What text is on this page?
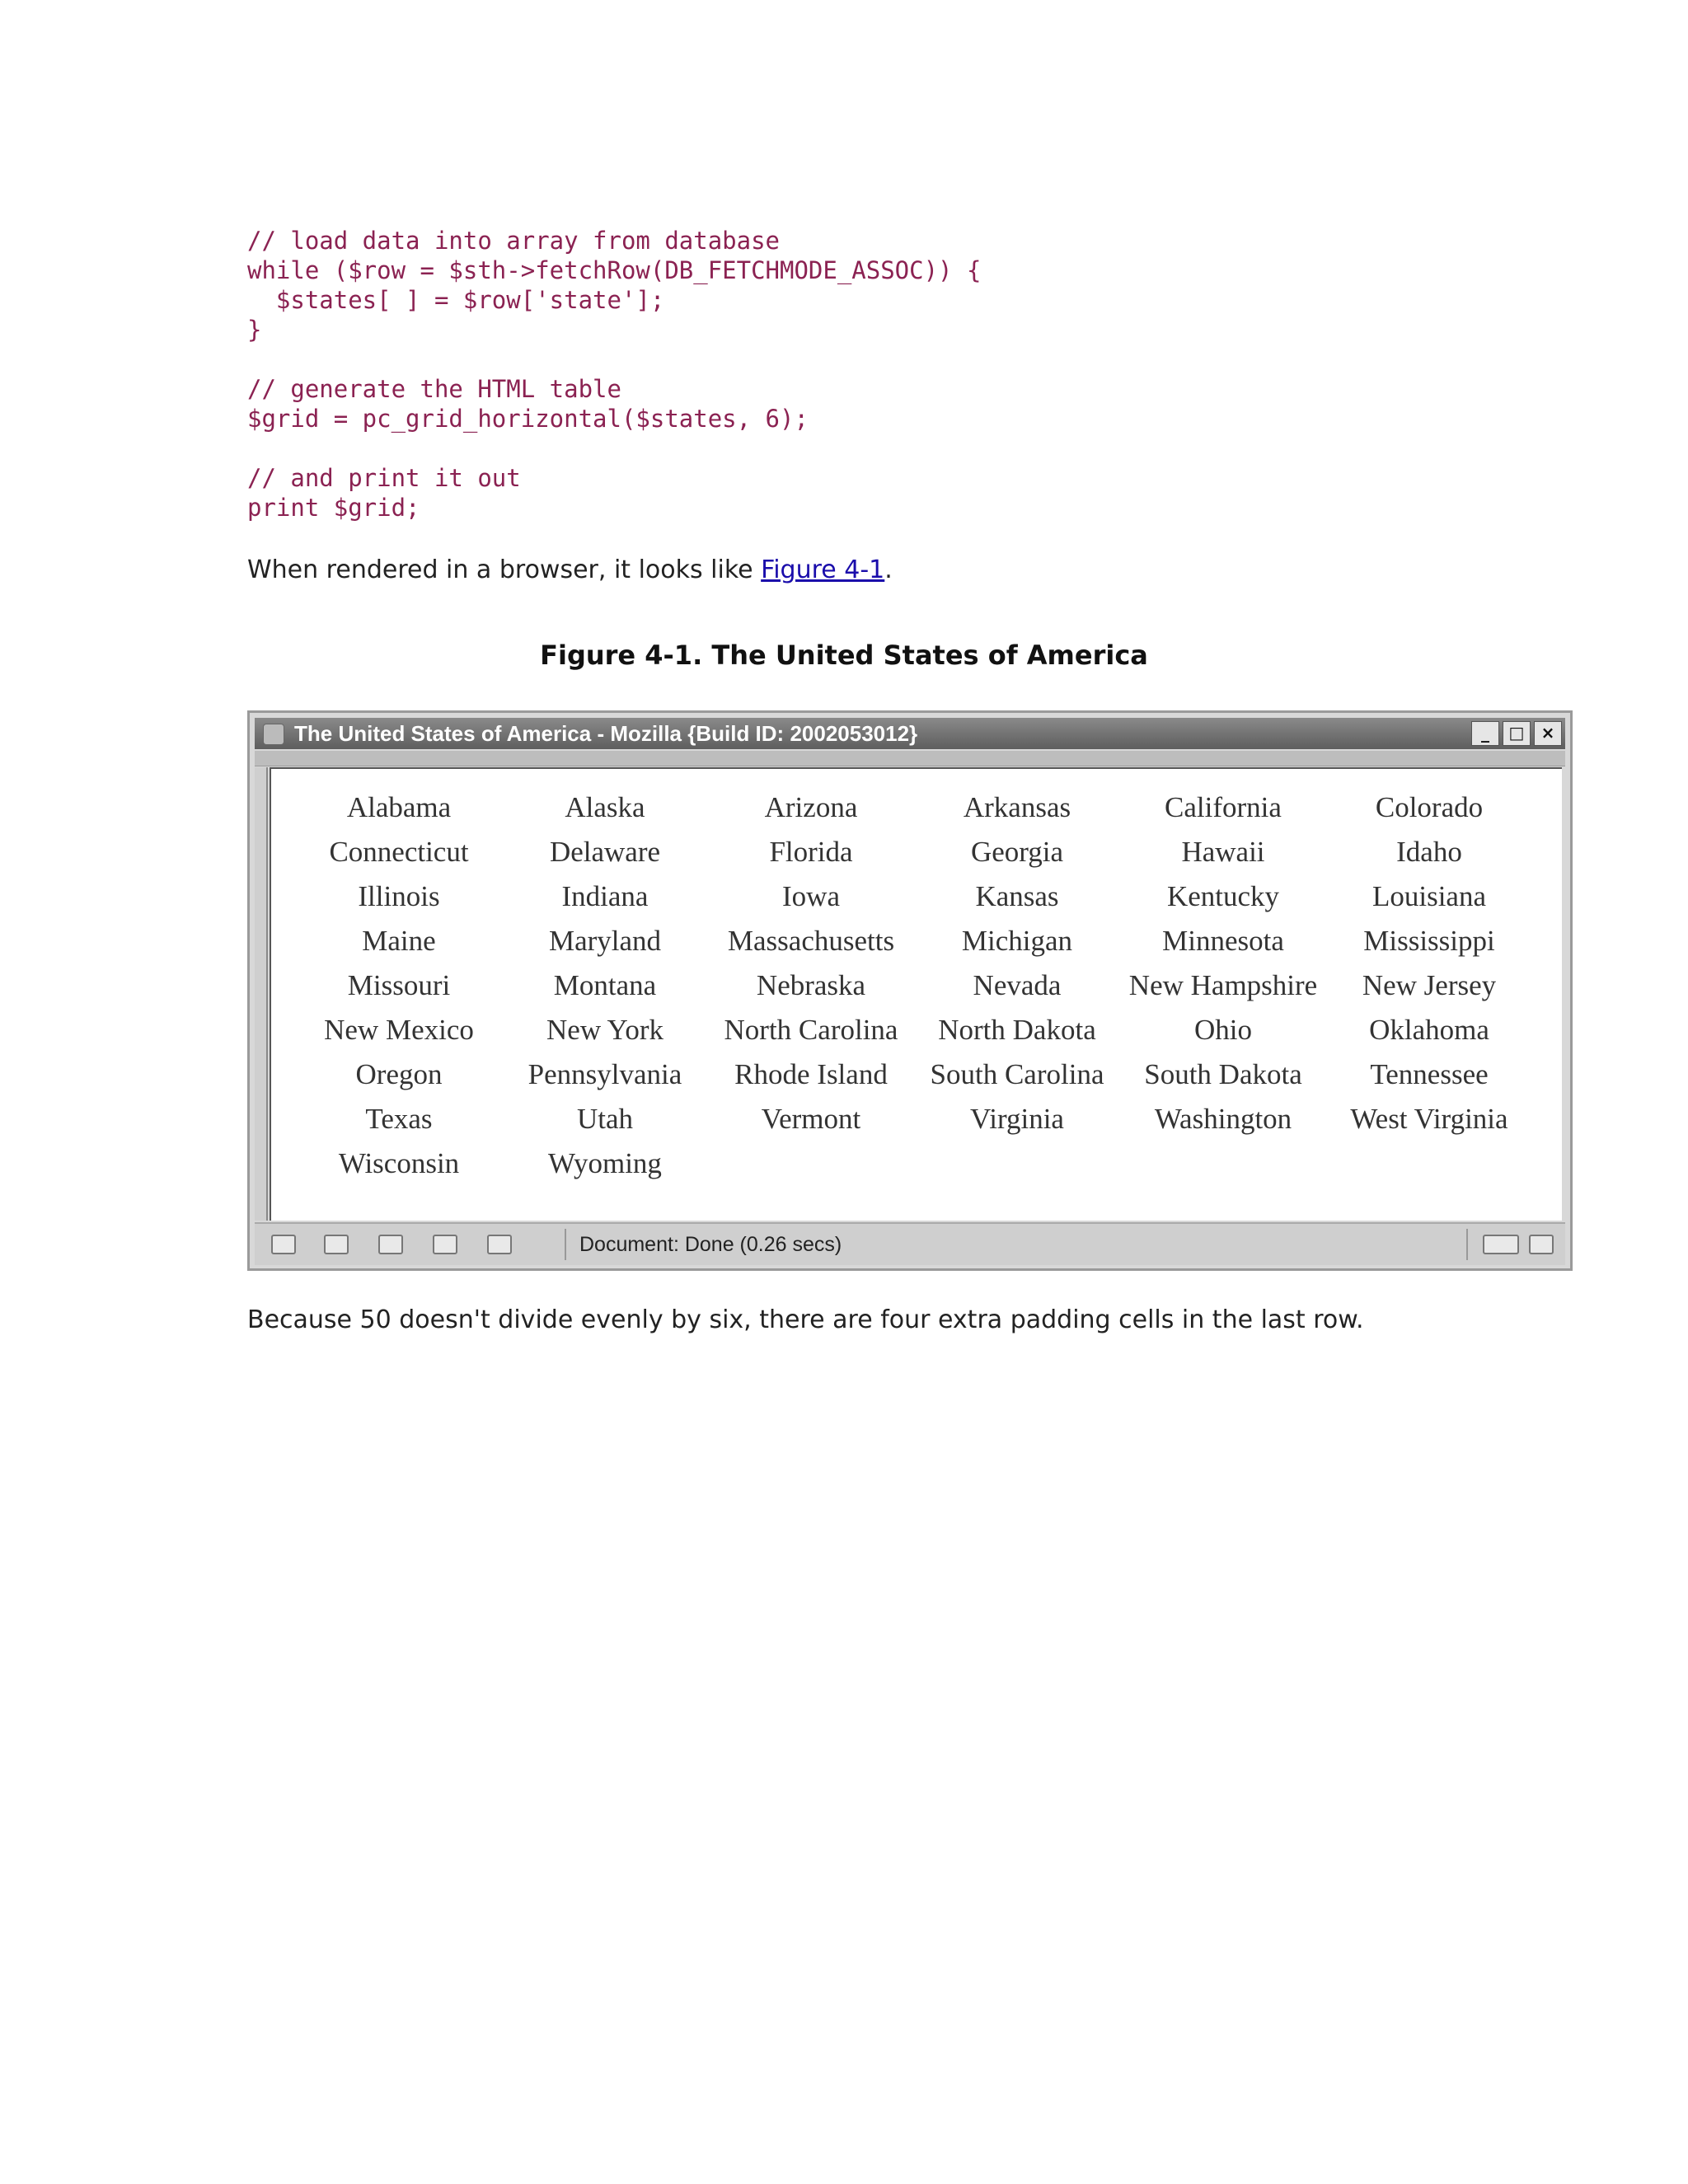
// load data into array from database
while ($row = $sth->fetchRow(DB_FETCHMODE_ASSOC)) {
$states[ ] = $row['state'];
}
// generate the HTML table
$grid = pc_grid_horizontal($states, 6);
// and print it out
print $grid;

When rendered in a browser, it looks like Figure 4-1.

Figure 4-1. The United States of America
The United States of America - Mozilla {Build ID: 2002053012}	_	□	×
Alabama	Alaska	Arizona	Arkansas	California	Colorado
Connecticut	Delaware	Florida	Georgia	Hawaii	Idaho
Illinois	Indiana	Iowa	Kansas	Kentucky	Louisiana
Maine	Maryland	Massachusetts	Michigan	Minnesota	Mississippi
Missouri	Montana	Nebraska	Nevada	New Hampshire	New Jersey
New Mexico	New York	North Carolina	North Dakota	Ohio	Oklahoma
Oregon	Pennsylvania	Rhode Island	South Carolina	South Dakota	Tennessee
Texas	Utah	Vermont	Virginia	Washington	West Virginia
Wisconsin	Wyoming				
Document: Done (0.26 secs)

Because 50 doesn't divide evenly by six, there are four extra padding cells in the last row.
